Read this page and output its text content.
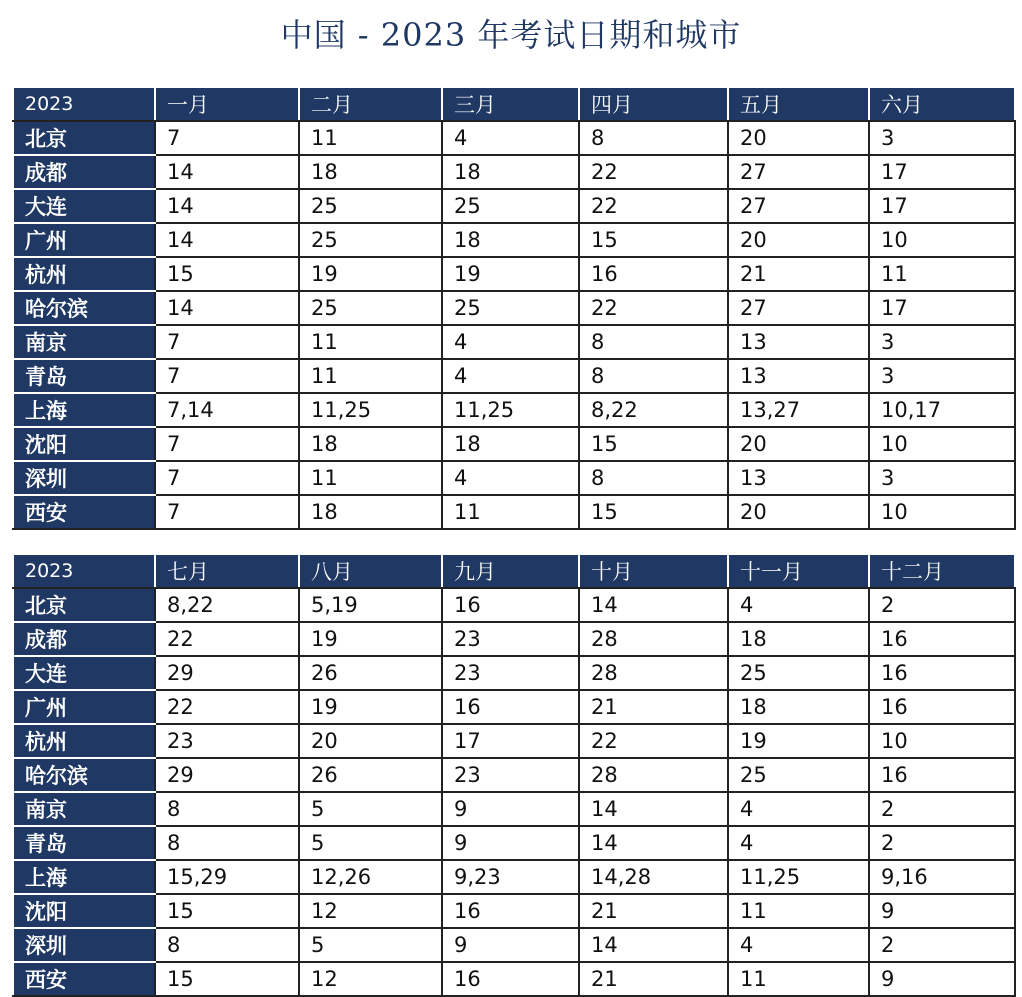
中国 - 2023 年考试日期和城市
2023	一月	二月	三月	四月	五月	六月
北京	7	11	4	8	20	3
成都	14	18	18	22	27	17
大连	14	25	25	22	27	17
广州	14	25	18	15	20	10
杭州	15	19	19	16	21	11
哈尔滨	14	25	25	22	27	17
南京	7	11	4	8	13	3
青岛	7	11	4	8	13	3
上海	7,14	11,25	11,25	8,22	13,27	10,17
沈阳	7	18	18	15	20	10
深圳	7	11	4	8	13	3
西安	7	18	11	15	20	10
2023	七月	八月	九月	十月	十一月	十二月
北京	8,22	5,19	16	14	4	2
成都	22	19	23	28	18	16
大连	29	26	23	28	25	16
广州	22	19	16	21	18	16
杭州	23	20	17	22	19	10
哈尔滨	29	26	23	28	25	16
南京	8	5	9	14	4	2
青岛	8	5	9	14	4	2
上海	15,29	12,26	9,23	14,28	11,25	9,16
沈阳	15	12	16	21	11	9
深圳	8	5	9	14	4	2
西安	15	12	16	21	11	9
